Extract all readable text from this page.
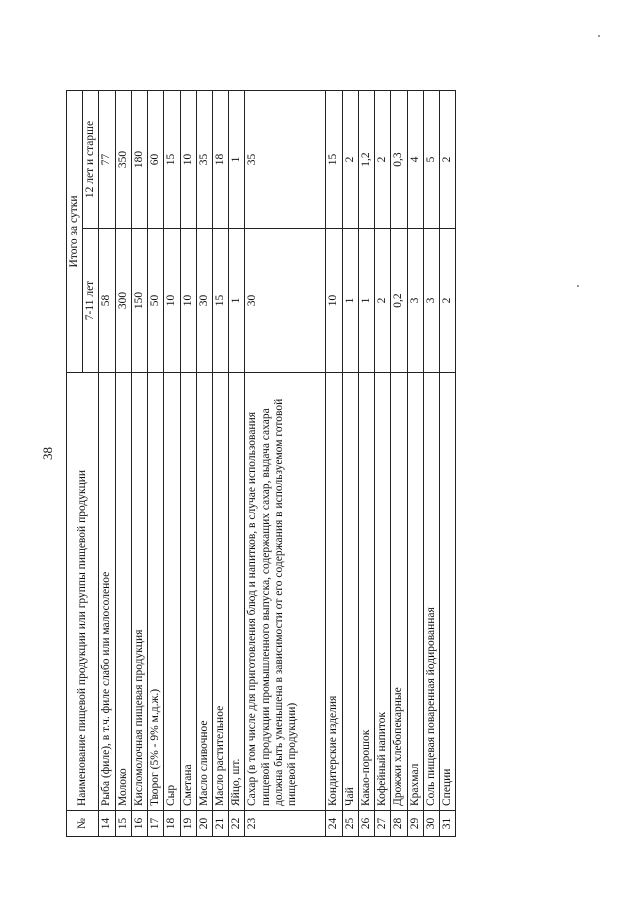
38
№	Наименование пищевой продукции или группы пищевой продукции	Итого за сутки	
		7-11 лет	12 лет и старше
14	Рыба (филе), в т.ч. филе слабо или малосоленое	58	77
15	Молоко	300	350
16	Кисломолочная пищевая продукция	150	180
17	Творог (5% - 9% м.д.ж.)	50	60
18	Сыр	10	15
19	Сметана	10	10
20	Масло сливочное	30	35
21	Масло растительное	15	18
22	Яйцо, шт.	1	1
23	Сахар (в том числе для приготовления блюд и напитков, в случае использования пищевой продукции промышленного выпуска, содержащих сахар, выдача сахара должна быть уменьшена в зависимости от его содержания в используемом готовой пищевой продукции)	30	35
24	Кондитерские изделия	10	15
25	Чай	1	2
26	Какао-порошок	1	1,2
27	Кофейный напиток	2	2
28	Дрожжи хлебопекарные	0,2	0,3
29	Крахмал	3	4
30	Соль пищевая поваренная йодированная	3	5
31	Специи	2	2
